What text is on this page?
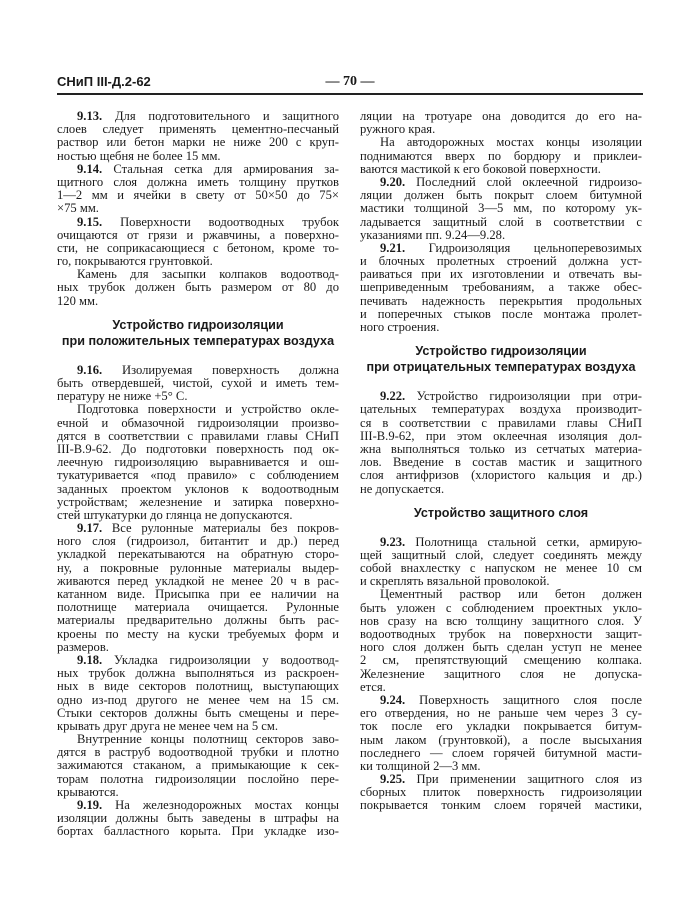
СНиП III-Д.2-62	— 70 —
9.13. Для подготовительного и защитного
слоев следует применять цементно-песчаный
раствор или бетон марки не ниже 200 с круп-
ностью щебня не более 15 мм.
9.14. Стальная сетка для армирования за-
щитного слоя должна иметь толщину прутков
1—2 мм и ячейки в свету от 50×50 до 75×
×75 мм.
9.15. Поверхности водоотводных трубок
очищаются от грязи и ржавчины, а поверхно-
сти, не соприкасающиеся с бетоном, кроме то-
го, покрываются грунтовкой.
Камень для засыпки колпаков водоотвод-
ных трубок должен быть размером от 80 до
120 мм.
Устройство гидроизоляции
при положительных температурах воздуха
9.16. Изолируемая поверхность должна
быть отвердевшей, чистой, сухой и иметь тем-
пературу не ниже +5° С.
Подготовка поверхности и устройство окле-
ечной и обмазочной гидроизоляции произво-
дятся в соответствии с правилами главы СНиП
III-В.9-62. До подготовки поверхность под ок-
леечную гидроизоляцию выравнивается и ош-
тукатуривается «под правило» с соблюдением
заданных проектом уклонов к водоотводным
устройствам; железнение и затирка поверхно-
стей штукатурки до глянца не допускаются.
9.17. Все рулонные материалы без покров-
ного слоя (гидроизол, битантит и др.) перед
укладкой перекатываются на обратную сторо-
ну, а покровные рулонные материалы выдер-
живаются перед укладкой не менее 20 ч в рас-
катанном виде. Присыпка при ее наличии на
полотнище материала очищается. Рулонные
материалы предварительно должны быть рас-
кроены по месту на куски требуемых форм и
размеров.
9.18. Укладка гидроизоляции у водоотвод-
ных трубок должна выполняться из раскроен-
ных в виде секторов полотнищ, выступающих
одно из-под другого не менее чем на 15 см.
Стыки секторов должны быть смещены и пере-
крывать друг друга не менее чем на 5 см.
Внутренние концы полотнищ секторов заво-
дятся в раструб водоотводной трубки и плотно
зажимаются стаканом, а примыкающие к сек-
торам полотна гидроизоляции послойно пере-
крываются.
9.19. На железнодорожных мостах концы
изоляции должны быть заведены в штрафы на
бортах балластного корыта. При укладке изо-
ляции на тротуаре она доводится до его на-
ружного края.
На автодорожных мостах концы изоляции
поднимаются вверх по бордюру и приклеи-
ваются мастикой к его боковой поверхности.
9.20. Последний слой оклеечной гидроизо-
ляции должен быть покрыт слоем битумной
мастики толщиной 3—5 мм, по которому ук-
ладывается защитный слой в соответствии с
указаниями пп. 9.24—9.28.
9.21. Гидроизоляция цельноперевозимых
и блочных пролетных строений должна уст-
раиваться при их изготовлении и отвечать вы-
шеприведенным требованиям, а также обес-
печивать надежность перекрытия продольных
и поперечных стыков после монтажа пролет-
ного строения.
Устройство гидроизоляции
при отрицательных температурах воздуха
9.22. Устройство гидроизоляции при отри-
цательных температурах воздуха производит-
ся в соответствии с правилами главы СНиП
III-В.9-62, при этом оклеечная изоляция дол-
жна выполняться только из сетчатых материа-
лов. Введение в состав мастик и защитного
слоя антифризов (хлористого кальция и др.)
не допускается.
Устройство защитного слоя
9.23. Полотнища стальной сетки, армирую-
щей защитный слой, следует соединять между
собой внахлестку с напуском не менее 10 см
и скреплять вязальной проволокой.
Цементный раствор или бетон должен
быть уложен с соблюдением проектных укло-
нов сразу на всю толщину защитного слоя. У
водоотводных трубок на поверхности защит-
ного слоя должен быть сделан уступ не менее
2 см, препятствующий смещению колпака.
Железнение защитного слоя не допуска-
ется.
9.24. Поверхность защитного слоя после
его отвердения, но не раньше чем через 3 су-
ток после его укладки покрывается битум-
ным лаком (грунтовкой), а после высыхания
последнего — слоем горячей битумной масти-
ки толщиной 2—3 мм.
9.25. При применении защитного слоя из
сборных плиток поверхность гидроизоляции
покрывается тонким слоем горячей мастики,
